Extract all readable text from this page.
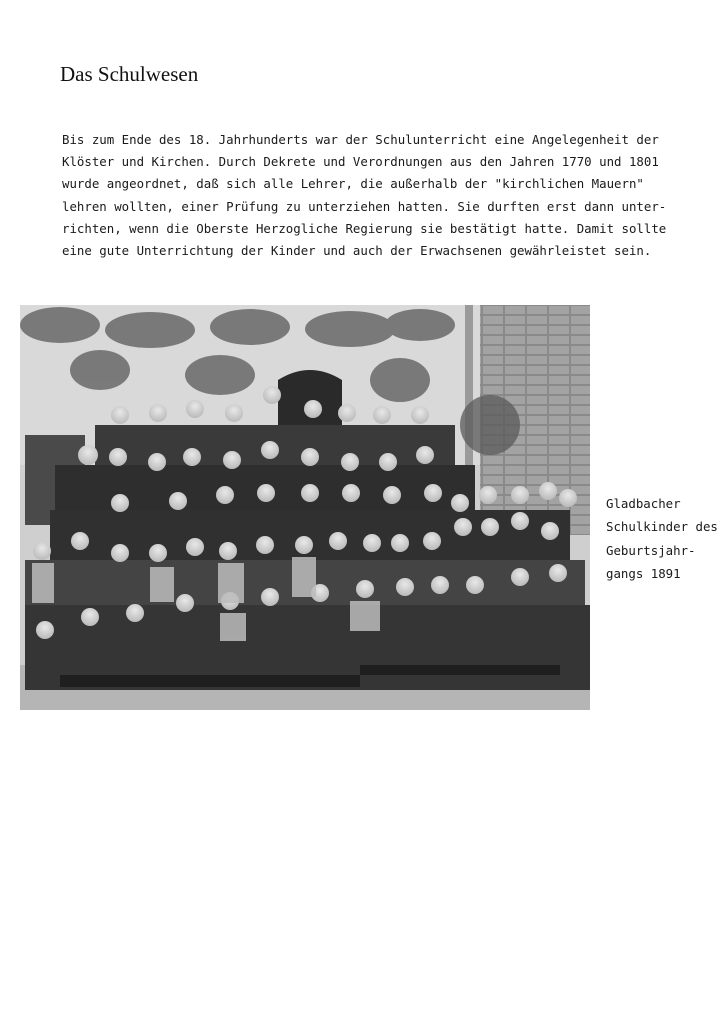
Das Schulwesen
Bis zum Ende des 18. Jahrhunderts war der Schulunterricht eine Angelegenheit der
Klöster und Kirchen. Durch Dekrete und Verordnungen aus den Jahren 1770 und 1801
wurde angeordnet, daß sich alle Lehrer, die außerhalb der "kirchlichen Mauern"
lehren wollten, einer Prüfung zu unterziehen hatten. Sie durften erst dann unter-
richten, wenn die Oberste Herzogliche Regierung sie bestätigt hatte. Damit sollte
eine gute Unterrichtung der Kinder und auch der Erwachsenen gewährleistet sein.
Gladbacher
Schulkinder des
Geburtsjahr-
gangs 1891
